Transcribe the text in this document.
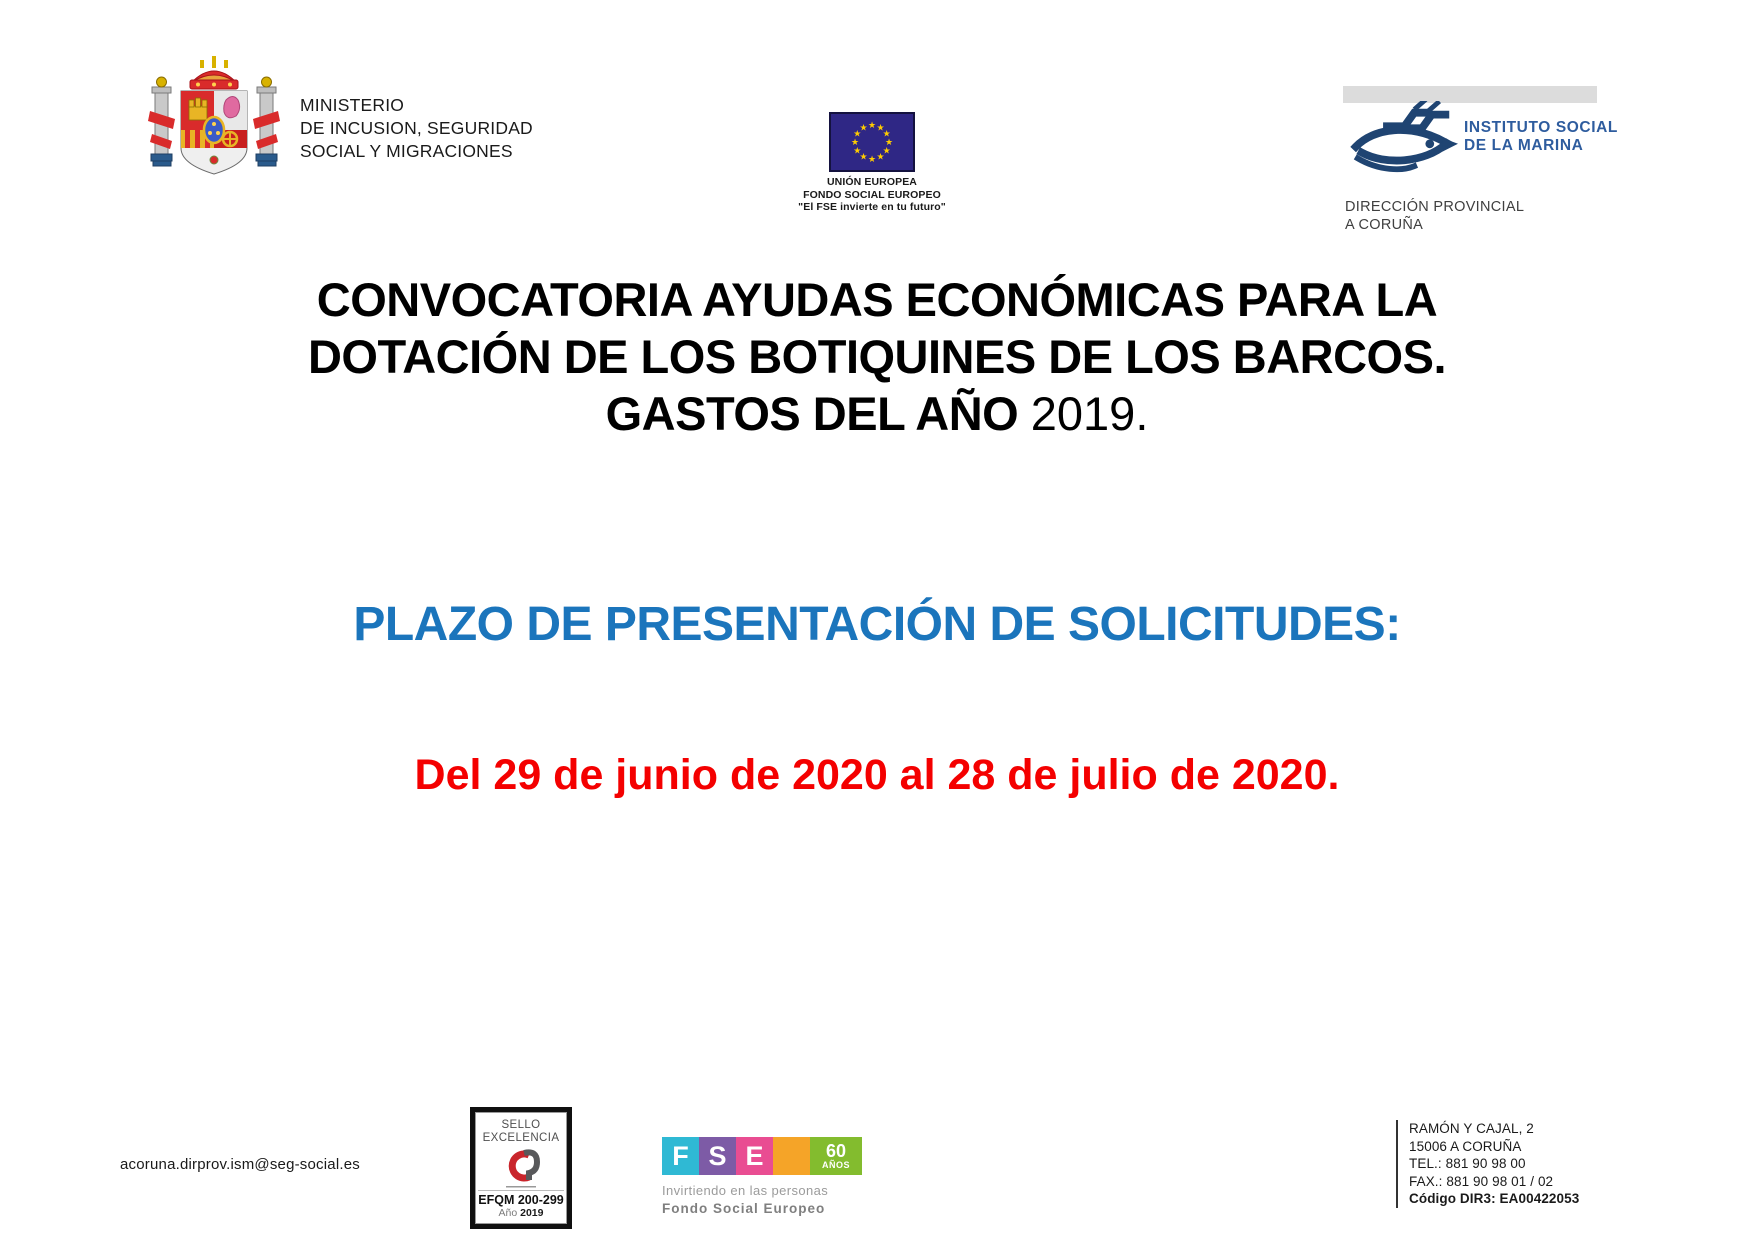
MINISTERIO
DE INCUSION, SEGURIDAD
SOCIAL Y MIGRACIONES
★ ★
★
★
★
★
★
★
★
★
★
★
UNIÓN EUROPEA
FONDO SOCIAL EUROPEO
"El FSE invierte en tu futuro"
INSTITUTO SOCIAL
DE LA MARINA
DIRECCIÓN PROVINCIAL
A CORUÑA
CONVOCATORIA AYUDAS ECONÓMICAS PARA LA
DOTACIÓN DE LOS BOTIQUINES DE LOS BARCOS.
GASTOS DEL AÑO 2019.
PLAZO DE PRESENTACIÓN DE SOLICITUDES:
Del 29 de junio de 2020 al 28 de julio de 2020.
acoruna.dirprov.ism@seg-social.es
SELLO
EXCELENCIA
EFQM 200-299
Año 2019
F S E	60
AÑOS
Invirtiendo en las personas
Fondo Social Europeo
RAMÓN Y CAJAL, 2
15006 A CORUÑA
TEL.: 881 90 98 00
FAX.: 881 90 98 01 / 02
Código DIR3: EA00422053
